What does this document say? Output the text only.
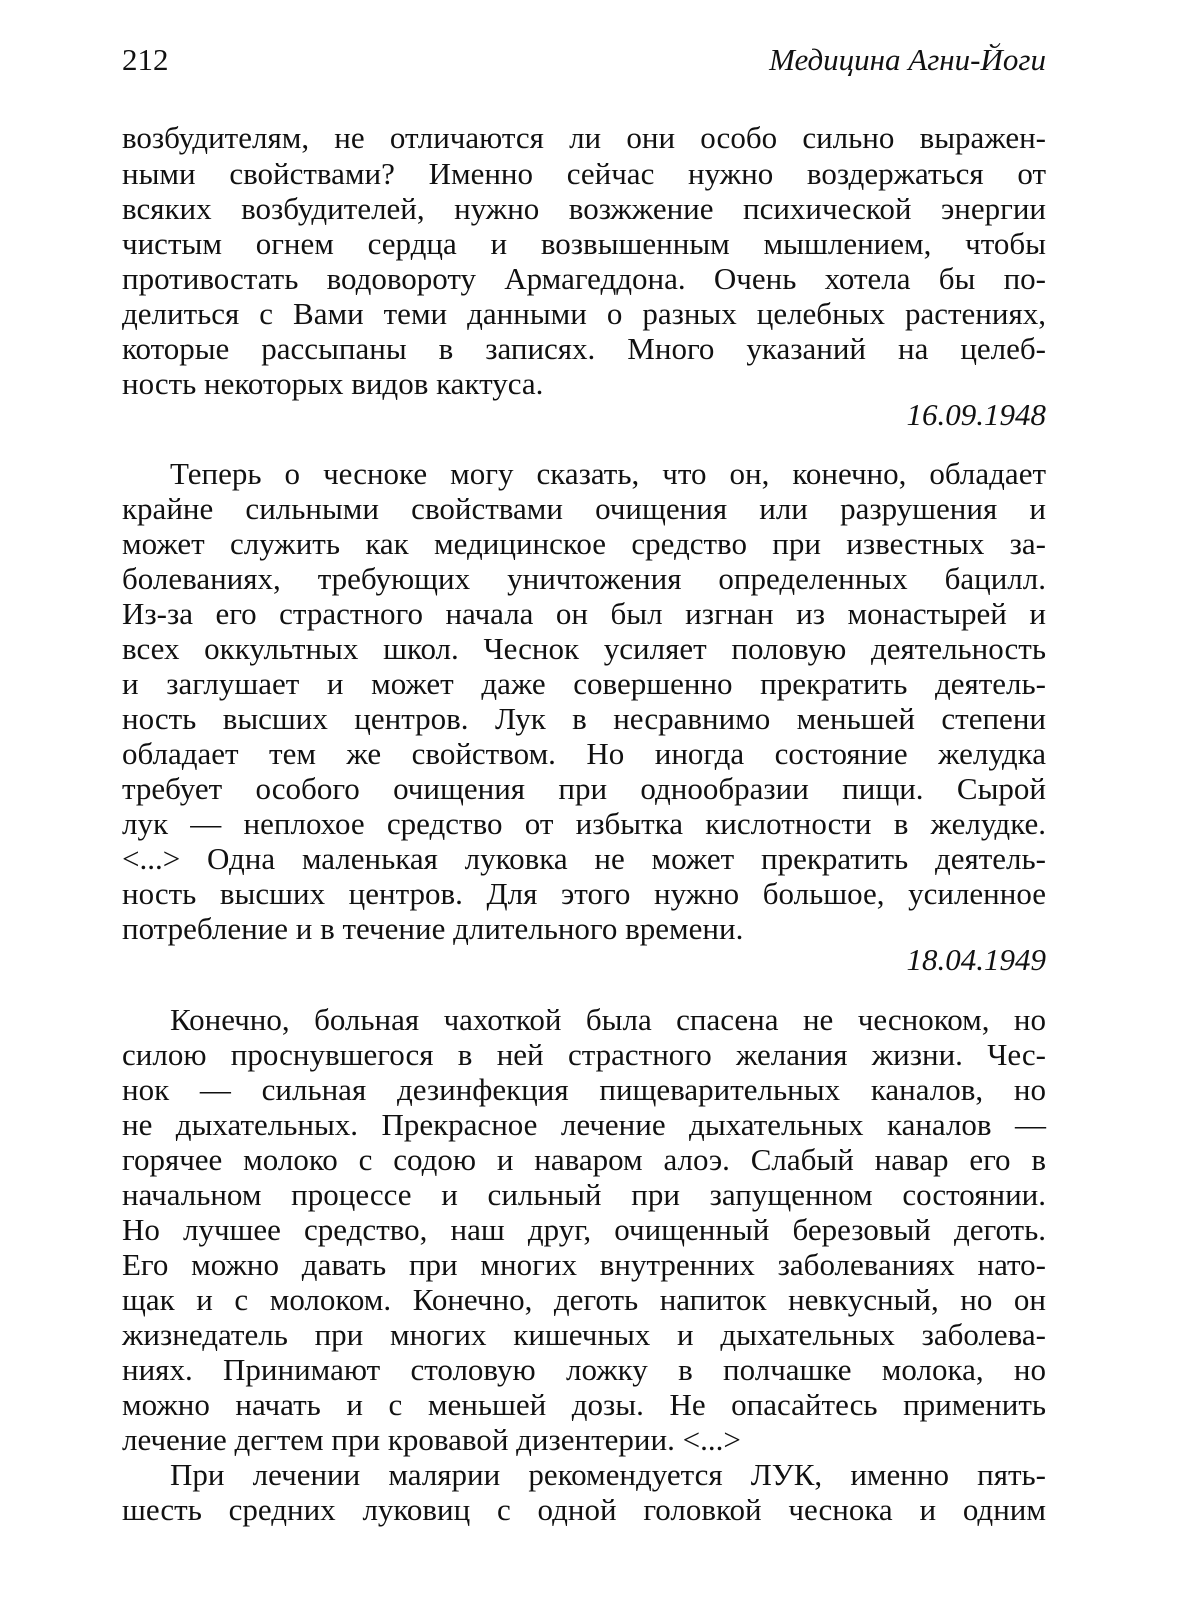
212	Медицина Агни-Йоги
возбудителям, не отличаются ли они особо сильно выражен-
ными свойствами? Именно сейчас нужно воздержаться от
всяких возбудителей, нужно возжжение психической энергии
чистым огнем сердца и возвышенным мышлением, чтобы
противостать водовороту Армагеддона. Очень хотела бы по-
делиться с Вами теми данными о разных целебных растениях,
которые рассыпаны в записях. Много указаний на целеб-
ность некоторых видов кактуса.
16.09.1948
Теперь о чесноке могу сказать, что он, конечно, обладает
крайне сильными свойствами очищения или разрушения и
может служить как медицинское средство при известных за-
болеваниях, требующих уничтожения определенных бацилл.
Из-за его страстного начала он был изгнан из монастырей и
всех оккультных школ. Чеснок усиляет половую деятельность
и заглушает и может даже совершенно прекратить деятель-
ность высших центров. Лук в несравнимо меньшей степени
обладает тем же свойством. Но иногда состояние желудка
требует особого очищения при однообразии пищи. Сырой
лук — неплохое средство от избытка кислотности в желудке.
<...> Одна маленькая луковка не может прекратить деятель-
ность высших центров. Для этого нужно большое, усиленное
потребление и в течение длительного времени.
18.04.1949
Конечно, больная чахоткой была спасена не чесноком, но
силою проснувшегося в ней страстного желания жизни. Чес-
нок — сильная дезинфекция пищеварительных каналов, но
не дыхательных. Прекрасное лечение дыхательных каналов —
горячее молоко с содою и наваром алоэ. Слабый навар его в
начальном процессе и сильный при запущенном состоянии.
Но лучшее средство, наш друг, очищенный березовый деготь.
Его можно давать при многих внутренних заболеваниях нато-
щак и с молоком. Конечно, деготь напиток невкусный, но он
жизнедатель при многих кишечных и дыхательных заболева-
ниях. Принимают столовую ложку в полчашке молока, но
можно начать и с меньшей дозы. Не опасайтесь применить
лечение дегтем при кровавой дизентерии. <...>
При лечении малярии рекомендуется ЛУК, именно пять-
шесть средних луковиц с одной головкой чеснока и одним
